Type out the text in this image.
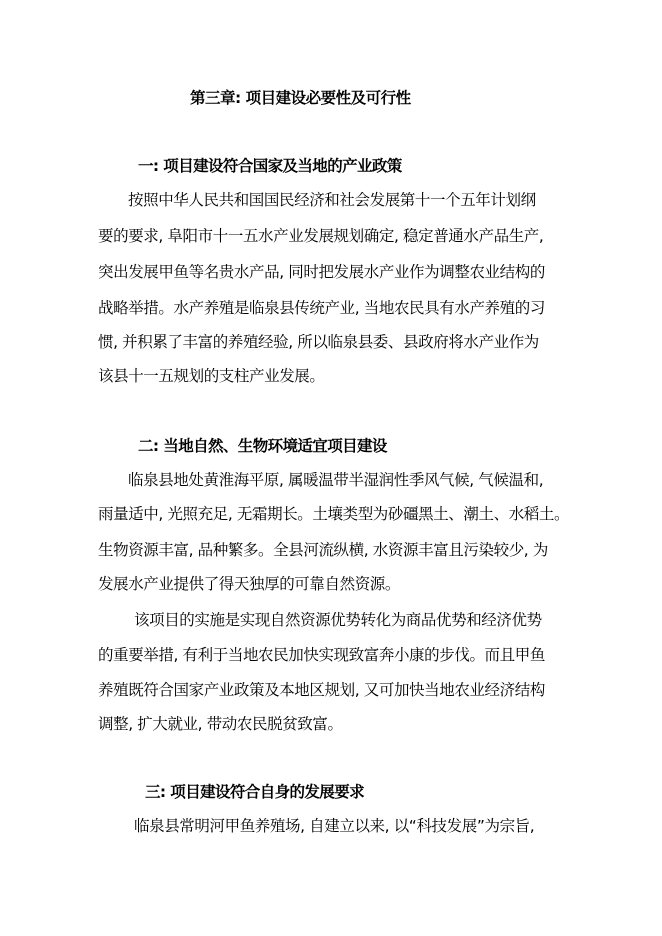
第三章: 项目建设必要性及可行性
一: 项目建设符合国家及当地的产业政策
按照中华人民共和国国民经济和社会发展第十一个五年计划纲
要的要求, 阜阳市十一五水产业发展规划确定, 稳定普通水产品生产,
突出发展甲鱼等名贵水产品, 同时把发展水产业作为调整农业结构的
战略举措。水产养殖是临泉县传统产业, 当地农民具有水产养殖的习
惯, 并积累了丰富的养殖经验, 所以临泉县委、县政府将水产业作为
该县十一五规划的支柱产业发展。
二: 当地自然、生物环境适宜项目建设
临泉县地处黄淮海平原, 属暖温带半湿润性季风气候, 气候温和,
雨量适中, 光照充足, 无霜期长。土壤类型为砂礓黑土、潮土、水稻土。
生物资源丰富, 品种繁多。全县河流纵横, 水资源丰富且污染较少, 为
发展水产业提供了得天独厚的可靠自然资源。
该项目的实施是实现自然资源优势转化为商品优势和经济优势
的重要举措, 有利于当地农民加快实现致富奔小康的步伐。而且甲鱼
养殖既符合国家产业政策及本地区规划, 又可加快当地农业经济结构
调整, 扩大就业, 带动农民脱贫致富。
三: 项目建设符合自身的发展要求
临泉县常明河甲鱼养殖场, 自建立以来, 以“科技发展”为宗旨,
